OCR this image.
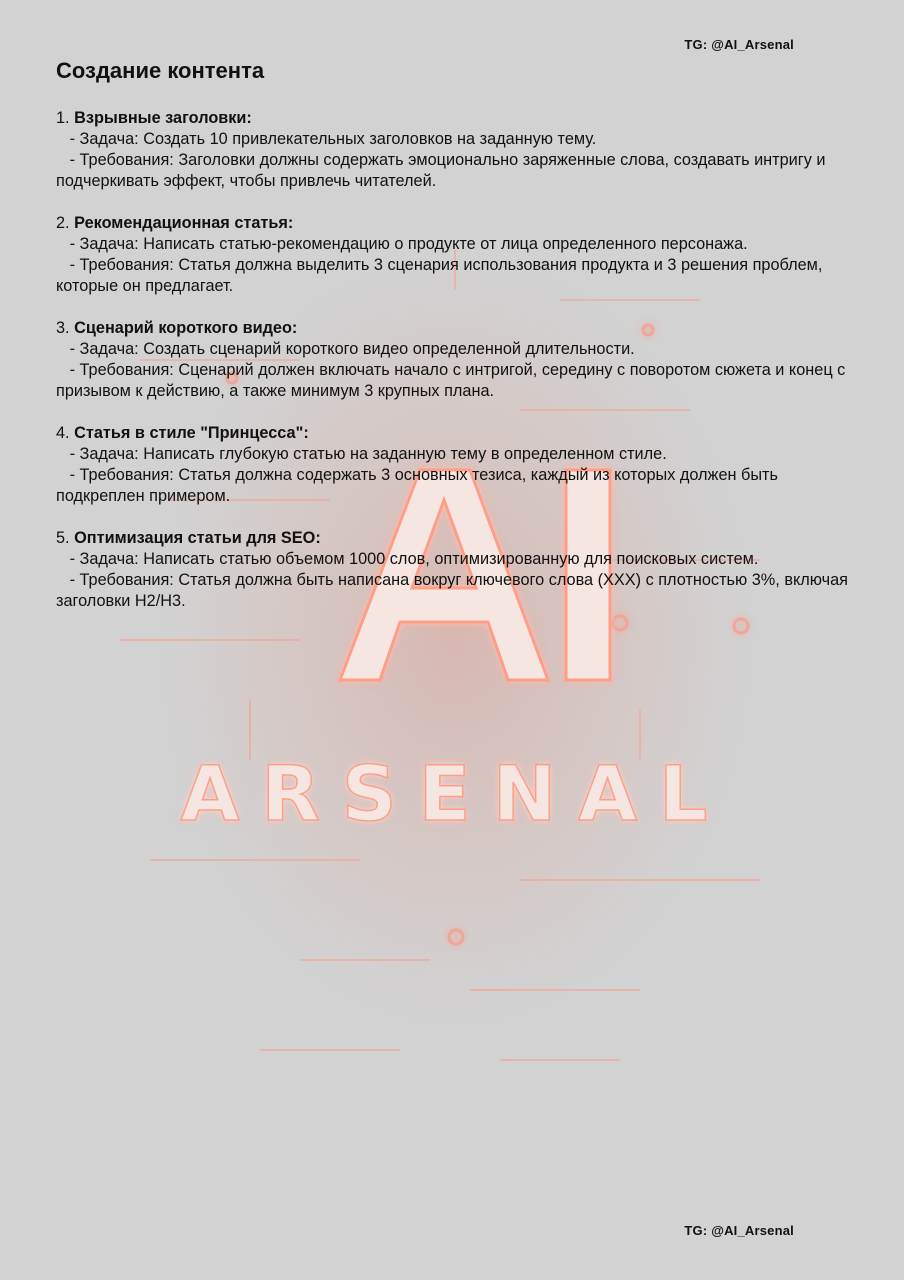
ARSENAL
TG: @AI_Arsenal
Создание контента
1. Взрывные заголовки:
- Задача: Создать 10 привлекательных заголовков на заданную тему.
- Требования: Заголовки должны содержать эмоционально заряженные слова, создавать интригу и подчеркивать эффект, чтобы привлечь читателей.
2. Рекомендационная статья:
- Задача: Написать статью-рекомендацию о продукте от лица определенного персонажа.
- Требования: Статья должна выделить 3 сценария использования продукта и 3 решения проблем, которые он предлагает.
3. Сценарий короткого видео:
- Задача: Создать сценарий короткого видео определенной длительности.
- Требования: Сценарий должен включать начало с интригой, середину с поворотом сюжета и конец с призывом к действию, а также минимум 3 крупных плана.
4. Статья в стиле "Принцесса":
- Задача: Написать глубокую статью на заданную тему в определенном стиле.
- Требования: Статья должна содержать 3 основных тезиса, каждый из которых должен быть подкреплен примером.
5. Оптимизация статьи для SEO:
- Задача: Написать статью объемом 1000 слов, оптимизированную для поисковых систем.
- Требования: Статья должна быть написана вокруг ключевого слова (XXX) с плотностью 3%, включая заголовки H2/H3.
TG: @AI_Arsenal
